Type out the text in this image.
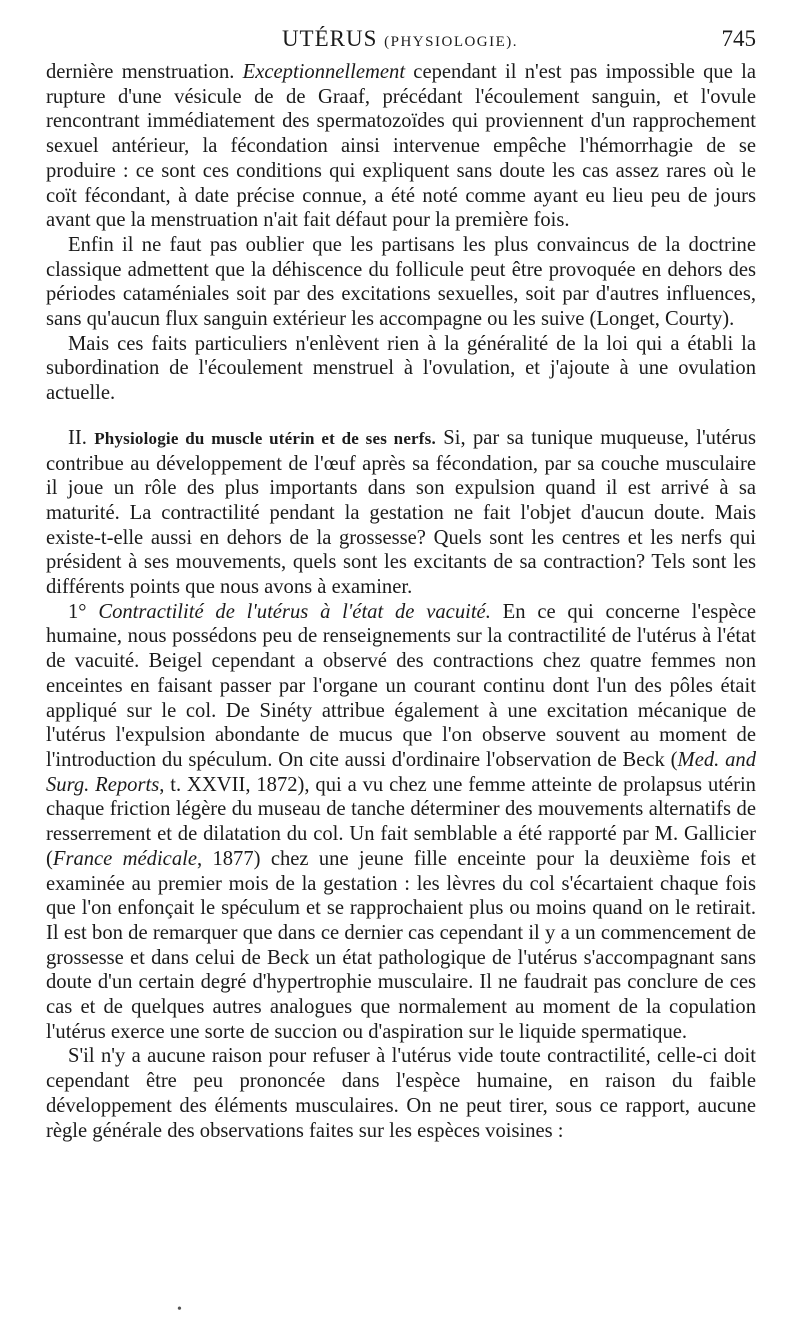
UTÉRUS (PHYSIOLOGIE).	745

dernière menstruation. Exceptionnellement cependant il n'est pas impossible que la rupture d'une vésicule de de Graaf, précédant l'écoulement sanguin, et l'ovule rencontrant immédiatement des spermatozoïdes qui proviennent d'un rapprochement sexuel antérieur, la fécondation ainsi intervenue empêche l'hémorrhagie de se produire : ce sont ces conditions qui expliquent sans doute les cas assez rares où le coït fécondant, à date précise connue, a été noté comme ayant eu lieu peu de jours avant que la menstruation n'ait fait défaut pour la première fois.

Enfin il ne faut pas oublier que les partisans les plus convaincus de la doctrine classique admettent que la déhiscence du follicule peut être provoquée en dehors des périodes cataméniales soit par des excitations sexuelles, soit par d'autres influences, sans qu'aucun flux sanguin extérieur les accompagne ou les suive (Longet, Courty).

Mais ces faits particuliers n'enlèvent rien à la généralité de la loi qui a établi la subordination de l'écoulement menstruel à l'ovulation, et j'ajoute à une ovulation actuelle.

II. Physiologie du muscle utérin et de ses nerfs. Si, par sa tunique muqueuse, l'utérus contribue au développement de l'œuf après sa fécondation, par sa couche musculaire il joue un rôle des plus importants dans son expulsion quand il est arrivé à sa maturité. La contractilité pendant la gestation ne fait l'objet d'aucun doute. Mais existe-t-elle aussi en dehors de la grossesse? Quels sont les centres et les nerfs qui président à ses mouvements, quels sont les excitants de sa contraction? Tels sont les différents points que nous avons à examiner.

1° Contractilité de l'utérus à l'état de vacuité. En ce qui concerne l'espèce humaine, nous possédons peu de renseignements sur la contractilité de l'utérus à l'état de vacuité. Beigel cependant a observé des contractions chez quatre femmes non enceintes en faisant passer par l'organe un courant continu dont l'un des pôles était appliqué sur le col. De Sinéty attribue également à une excitation mécanique de l'utérus l'expulsion abondante de mucus que l'on observe souvent au moment de l'introduction du spéculum. On cite aussi d'ordinaire l'observation de Beck (Med. and Surg. Reports, t. XXVII, 1872), qui a vu chez une femme atteinte de prolapsus utérin chaque friction légère du museau de tanche déterminer des mouvements alternatifs de resserrement et de dilatation du col. Un fait semblable a été rapporté par M. Gallicier (France médicale, 1877) chez une jeune fille enceinte pour la deuxième fois et examinée au premier mois de la gestation : les lèvres du col s'écartaient chaque fois que l'on enfonçait le spéculum et se rapprochaient plus ou moins quand on le retirait. Il est bon de remarquer que dans ce dernier cas cependant il y a un commencement de grossesse et dans celui de Beck un état pathologique de l'utérus s'accompagnant sans doute d'un certain degré d'hypertrophie musculaire. Il ne faudrait pas conclure de ces cas et de quelques autres analogues que normalement au moment de la copulation l'utérus exerce une sorte de succion ou d'aspiration sur le liquide spermatique.

S'il n'y a aucune raison pour refuser à l'utérus vide toute contractilité, celle-ci doit cependant être peu prononcée dans l'espèce humaine, en raison du faible développement des éléments musculaires. On ne peut tirer, sous ce rapport, aucune règle générale des observations faites sur les espèces voisines :

•
